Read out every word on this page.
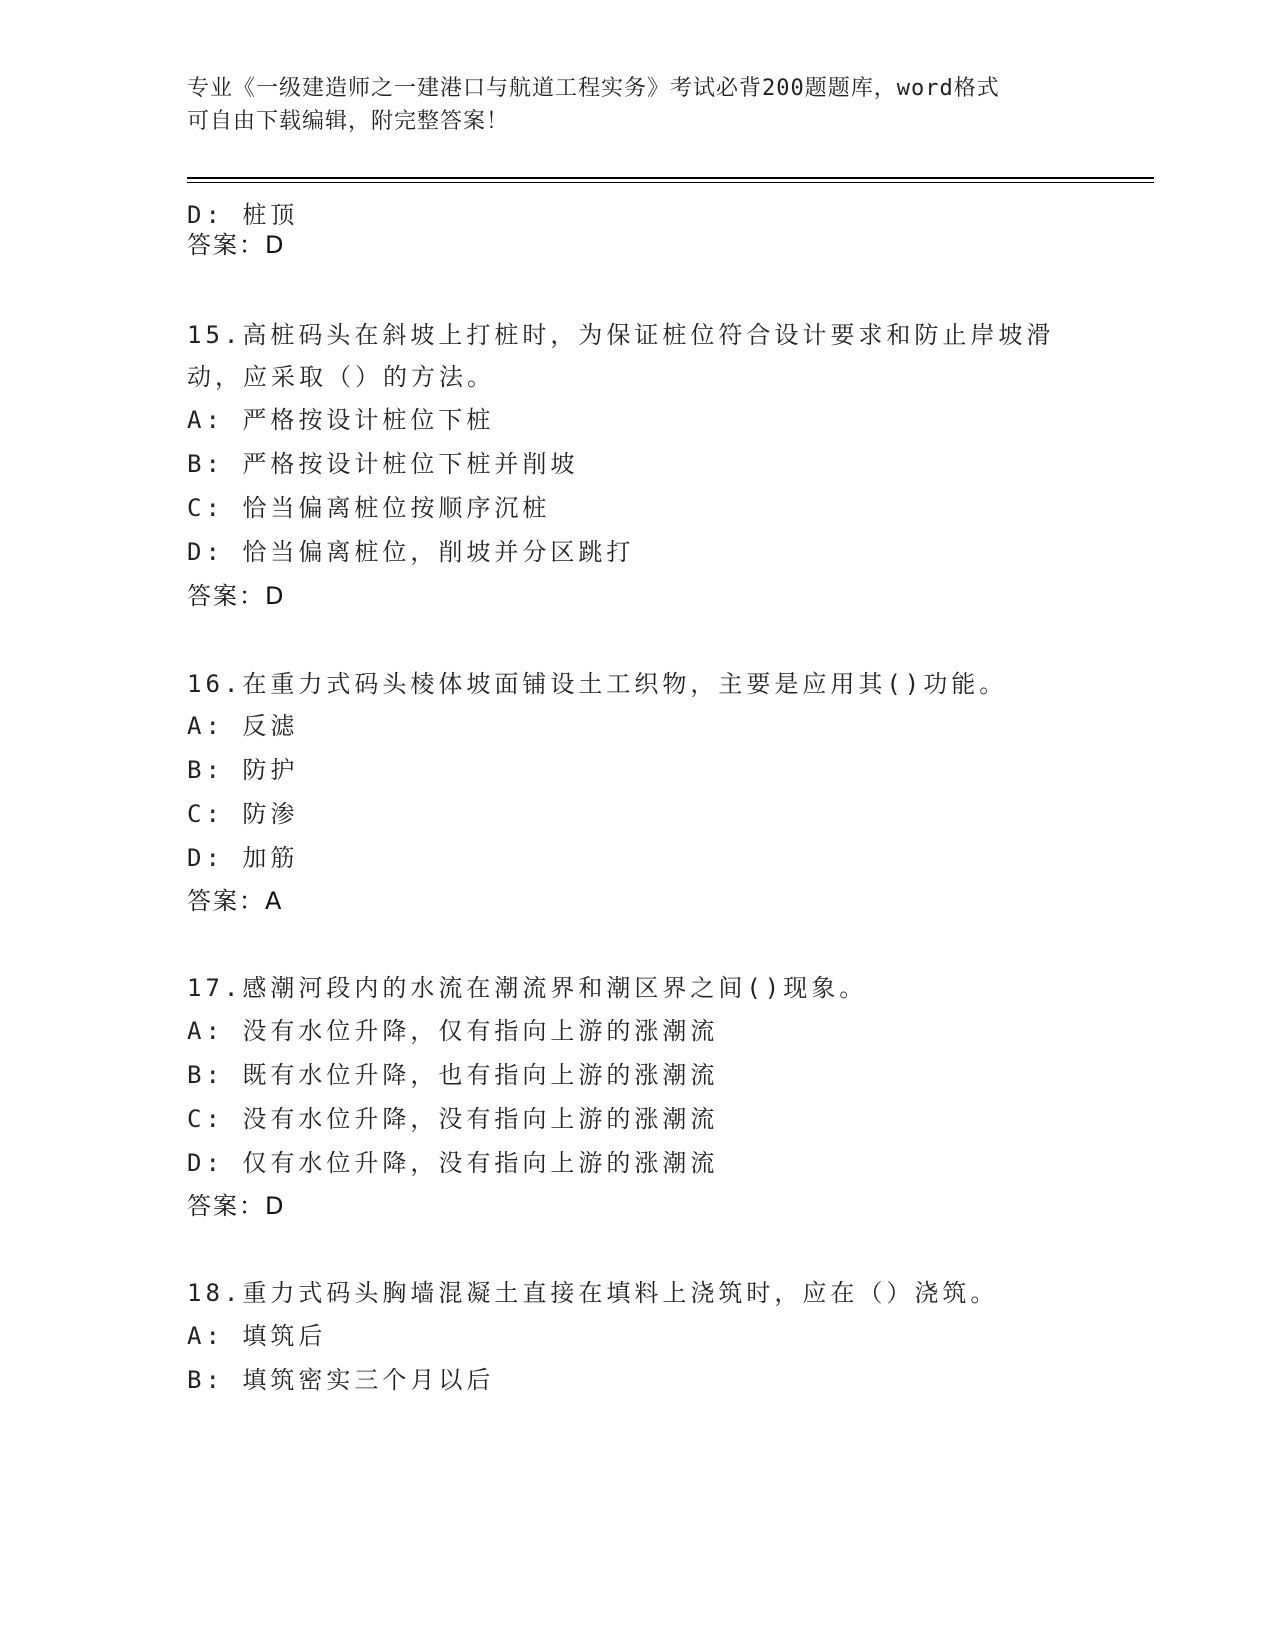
专业《一级建造师之一建港口与航道工程实务》考试必背200题题库，word格式
可自由下载编辑，附完整答案！
D: 桩顶
答案：D
15.高桩码头在斜坡上打桩时，为保证桩位符合设计要求和防止岸坡滑
动，应采取（）的方法。
A: 严格按设计桩位下桩
B: 严格按设计桩位下桩并削坡
C: 恰当偏离桩位按顺序沉桩
D: 恰当偏离桩位，削坡并分区跳打
答案：D
16.在重力式码头棱体坡面铺设土工织物，主要是应用其()功能。
A: 反滤
B: 防护
C: 防渗
D: 加筋
答案：A
17.感潮河段内的水流在潮流界和潮区界之间()现象。
A: 没有水位升降，仅有指向上游的涨潮流
B: 既有水位升降，也有指向上游的涨潮流
C: 没有水位升降，没有指向上游的涨潮流
D: 仅有水位升降，没有指向上游的涨潮流
答案：D
18.重力式码头胸墙混凝土直接在填料上浇筑时，应在（）浇筑。
A: 填筑后
B: 填筑密实三个月以后
